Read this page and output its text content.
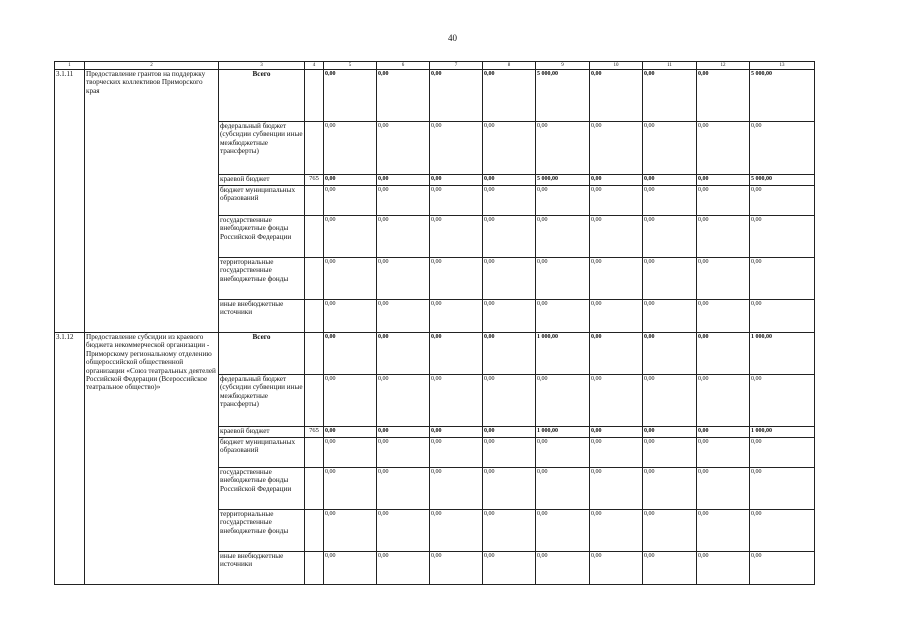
40
1	2	3	4	5	6	7	8	9	10	11	12	13
3.1.11	Предоставление грантов на поддержку творческих коллективов Приморского края	Всего		0,00	0,00	0,00	0,00	5 000,00	0,00	0,00	0,00	5 000,00
		федеральный бюджет (субсидии субвенции иные межбюджетные трансферты)		0,00	0,00	0,00	0,00	0,00	0,00	0,00	0,00	0,00
		краевой бюджет	765	0,00	0,00	0,00	0,00	5 000,00	0,00	0,00	0,00	5 000,00
		бюджет муниципальных образований		0,00	0,00	0,00	0,00	0,00	0,00	0,00	0,00	0,00
		государственные внебюджетные фонды Российской Федерации		0,00	0,00	0,00	0,00	0,00	0,00	0,00	0,00	0,00
		территориальные государственные внебюджетные фонды		0,00	0,00	0,00	0,00	0,00	0,00	0,00	0,00	0,00
		иные внебюджетные источники		0,00	0,00	0,00	0,00	0,00	0,00	0,00	0,00	0,00
3.1.12	Предоставление субсидии из краевого бюджета некоммерческой организации - Приморскому региональному отделению общероссийской общественной организации «Союз театральных деятелей Российской Федерации (Всероссийское театральное общество)»	Всего		0,00	0,00	0,00	0,00	1 000,00	0,00	0,00	0,00	1 000,00
		федеральный бюджет (субсидии субвенции иные межбюджетные трансферты)		0,00	0,00	0,00	0,00	0,00	0,00	0,00	0,00	0,00
		краевой бюджет	765	0,00	0,00	0,00	0,00	1 000,00	0,00	0,00	0,00	1 000,00
		бюджет муниципальных образований		0,00	0,00	0,00	0,00	0,00	0,00	0,00	0,00	0,00
		государственные внебюджетные фонды Российской Федерации		0,00	0,00	0,00	0,00	0,00	0,00	0,00	0,00	0,00
		территориальные государственные внебюджетные фонды		0,00	0,00	0,00	0,00	0,00	0,00	0,00	0,00	0,00
		иные внебюджетные источники		0,00	0,00	0,00	0,00	0,00	0,00	0,00	0,00	0,00
